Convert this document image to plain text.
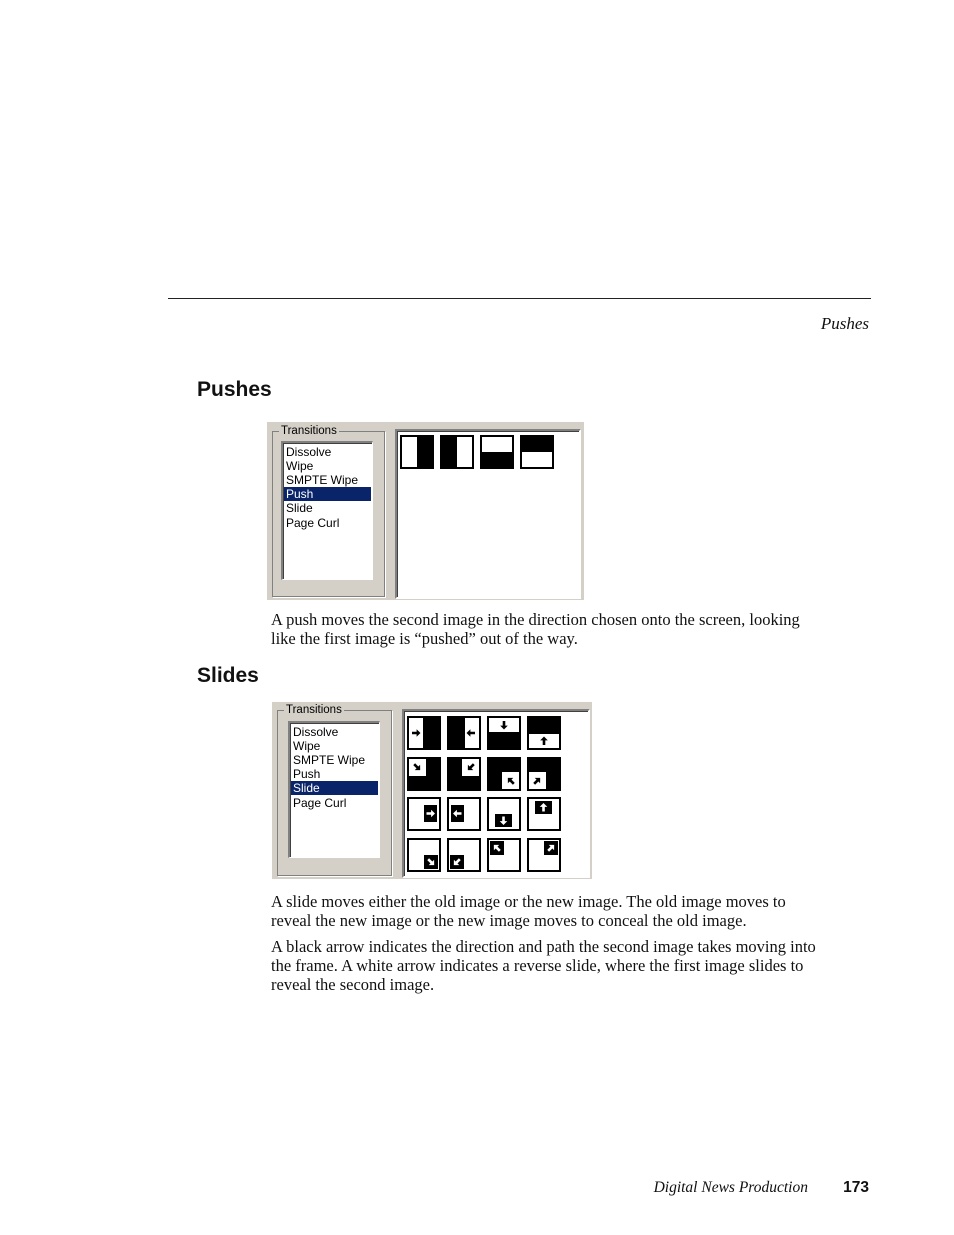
Pushes
Pushes
Transitions
Dissolve
Wipe
SMPTE Wipe
Push
Slide
Page Curl

A push moves the second image in the direction chosen onto the screen, looking like the first image is “pushed” out of the way.

Slides
Transitions
Dissolve
Wipe
SMPTE Wipe
Push
Slide
Page Curl

A slide moves either the old image or the new image. The old image moves to reveal the new image or the new image moves to conceal the old image.

A black arrow indicates the direction and path the second image takes moving into the frame. A white arrow indicates a reverse slide, where the first image slides to reveal the second image.

Digital News Production 173
